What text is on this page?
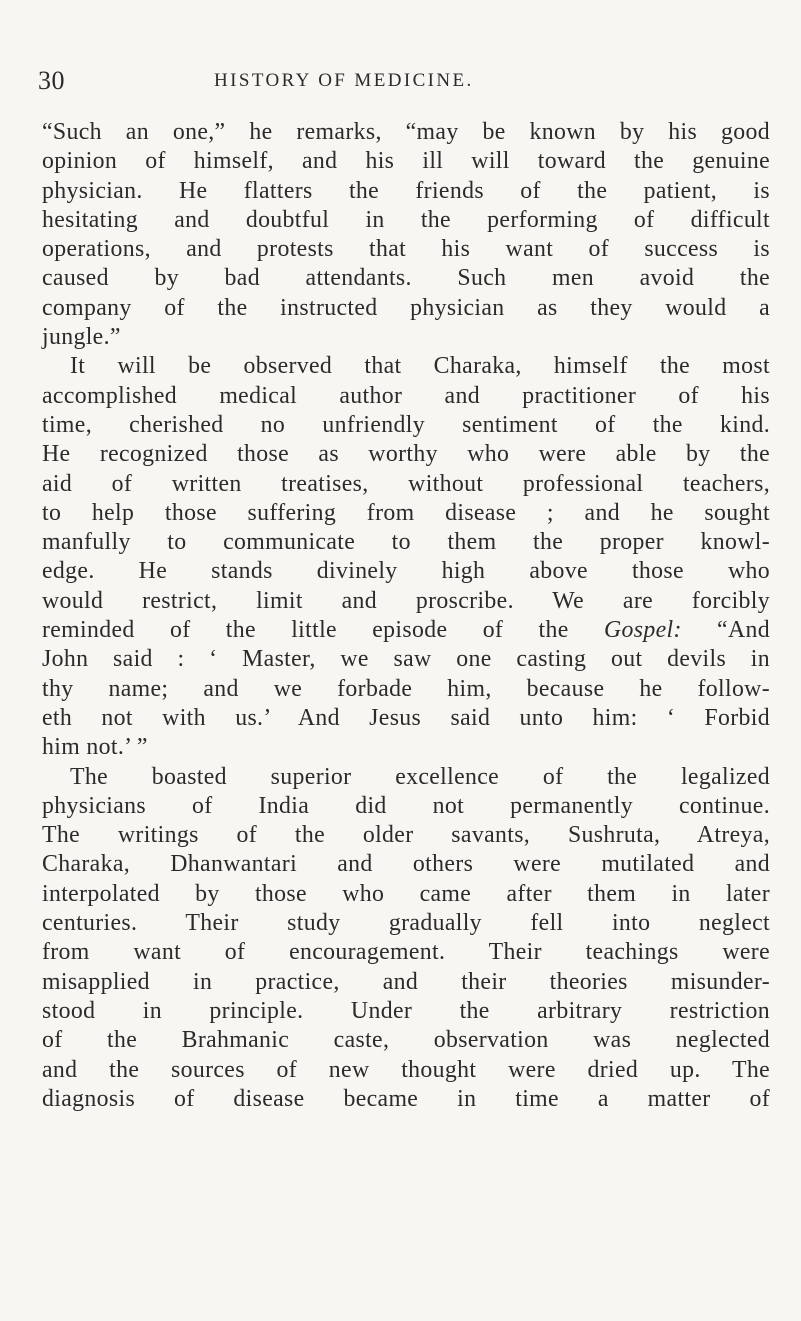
30	HISTORY OF MEDICINE.
“Such an one,” he remarks, “may be known by his good
opinion of himself, and his ill will toward the genuine
physician. He flatters the friends of the patient, is
hesitating and doubtful in the performing of difficult
operations, and protests that his want of success is
caused by bad attendants. Such men avoid the
company of the instructed physician as they would a
jungle.”
It will be observed that Charaka, himself the most
accomplished medical author and practitioner of his
time, cherished no unfriendly sentiment of the kind.
He recognized those as worthy who were able by the
aid of written treatises, without professional teachers,
to help those suffering from disease ; and he sought
manfully to communicate to them the proper knowl-
edge. He stands divinely high above those who
would restrict, limit and proscribe. We are forcibly
reminded of the little episode of the Gospel: “And
John said : ‘ Master, we saw one casting out devils in
thy name; and we forbade him, because he follow-
eth not with us.’ And Jesus said unto him: ‘ Forbid
him not.’ ”
The boasted superior excellence of the legalized
physicians of India did not permanently continue.
The writings of the older savants, Sushruta, Atreya,
Charaka, Dhanwantari and others were mutilated and
interpolated by those who came after them in later
centuries. Their study gradually fell into neglect
from want of encouragement. Their teachings were
misapplied in practice, and their theories misunder-
stood in principle. Under the arbitrary restriction
of the Brahmanic caste, observation was neglected
and the sources of new thought were dried up. The
diagnosis of disease became in time a matter of
